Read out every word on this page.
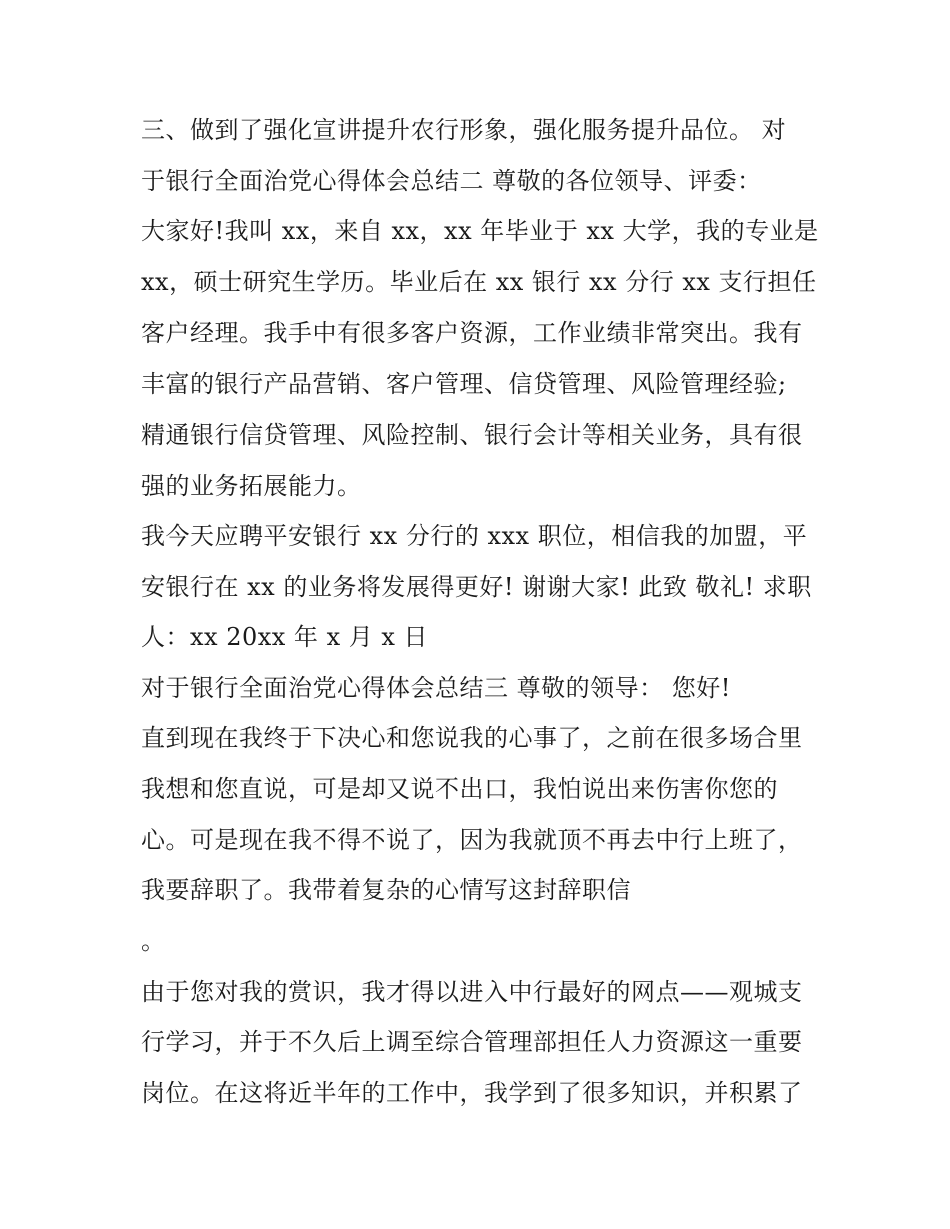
三、做到了强化宣讲提升农行形象，强化服务提升品位。 对
于银行全面治党心得体会总结二 尊敬的各位领导、评委：
大家好!我叫 xx，来自 xx，xx 年毕业于 xx 大学，我的专业是
xx，硕士研究生学历。毕业后在 xx 银行 xx 分行 xx 支行担任
客户经理。我手中有很多客户资源，工作业绩非常突出。我有
丰富的银行产品营销、客户管理、信贷管理、风险管理经验;
精通银行信贷管理、风险控制、银行会计等相关业务，具有很
强的业务拓展能力。
我今天应聘平安银行 xx 分行的 xxx 职位，相信我的加盟，平
安银行在 xx 的业务将发展得更好! 谢谢大家! 此致 敬礼! 求职
人：xx 20xx 年 x 月 x 日
对于银行全面治党心得体会总结三 尊敬的领导： 您好!
直到现在我终于下决心和您说我的心事了，之前在很多场合里
我想和您直说，可是却又说不出口，我怕说出来伤害你您的
心。可是现在我不得不说了，因为我就顶不再去中行上班了，
我要辞职了。我带着复杂的心情写这封辞职信
。
由于您对我的赏识，我才得以进入中行最好的网点——观城支
行学习，并于不久后上调至综合管理部担任人力资源这一重要
岗位。在这将近半年的工作中，我学到了很多知识，并积累了
